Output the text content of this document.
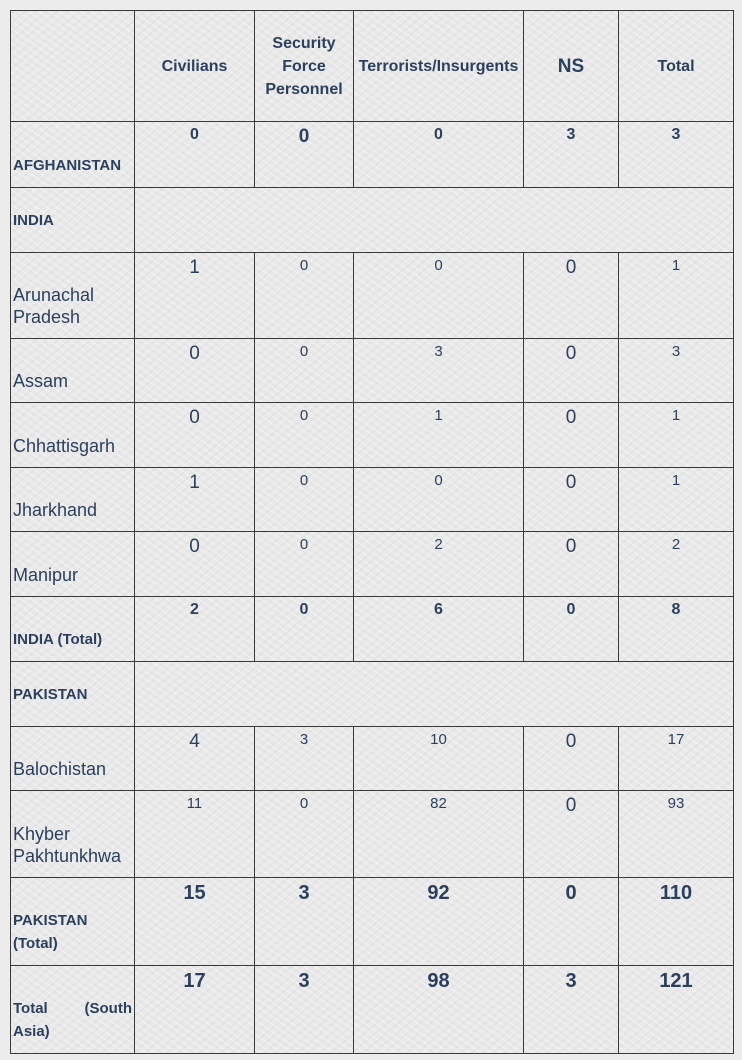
	Civilians	Security
Force
Personnel	Terrorists/Insurgents	NS	Total
AFGHANISTAN	0	0	0	3	3
INDIA					

Arunachal
Pradesh	1	0	0	0	1
Assam	0	0	3	0	3
Chhattisgarh	0	0	1	0	1
Jharkhand	1	0	0	0	1
Manipur	0	0	2	0	2
INDIA (Total)	2	0	6	0	8
PAKISTAN					
Balochistan	4	3	10	0	17

Khyber
Pakhtunkhwa	11	0	82	0	93

PAKISTAN
(Total)	15	3	92	0	110

Total (South
Asia)	17	3	98	3	121
